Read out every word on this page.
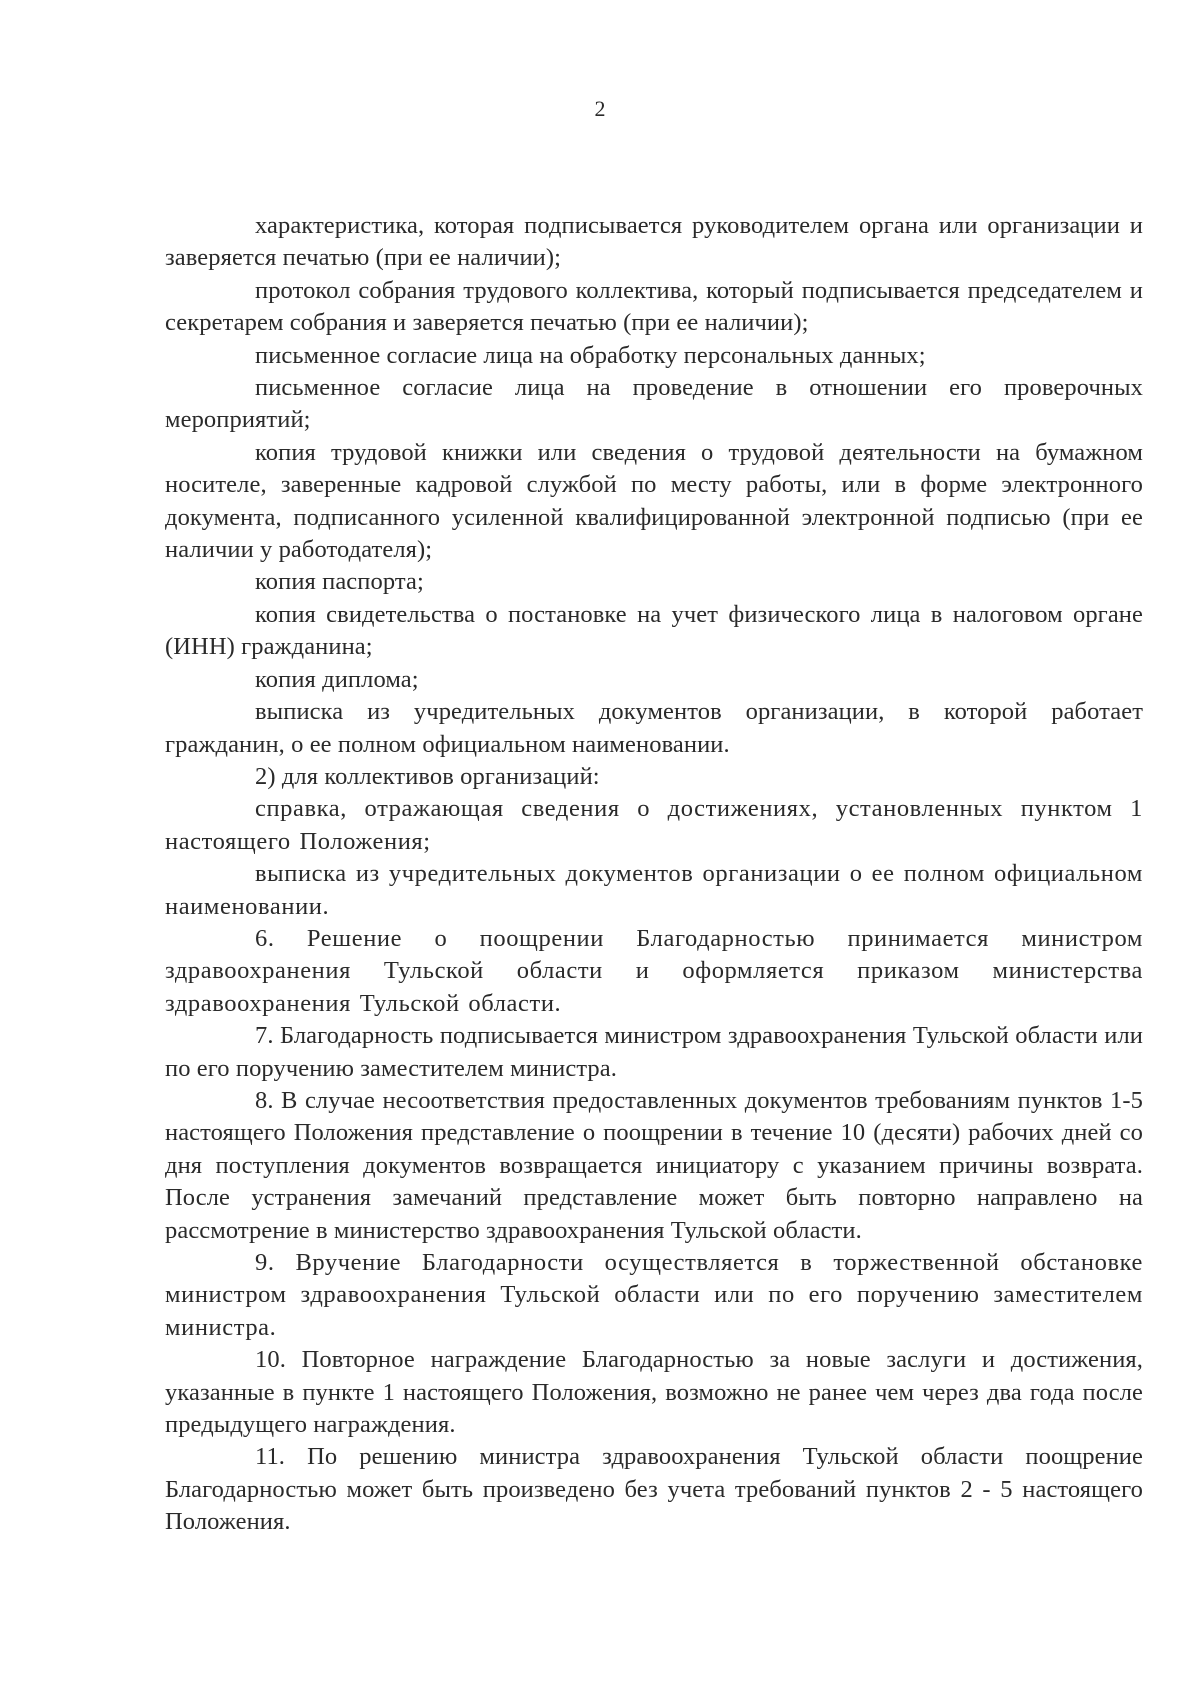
2

характеристика, которая подписывается руководителем органа или организации и заверяется печатью (при ее наличии);

протокол собрания трудового коллектива, который подписывается председателем и секретарем собрания и заверяется печатью (при ее наличии);

письменное согласие лица на обработку персональных данных;

письменное согласие лица на проведение в отношении его проверочных мероприятий;

копия трудовой книжки или сведения о трудовой деятельности на бумажном носителе, заверенные кадровой службой по месту работы, или в форме электронного документа, подписанного усиленной квалифицированной электронной подписью (при ее наличии у работодателя);

копия паспорта;

копия свидетельства о постановке на учет физического лица в налоговом органе (ИНН) гражданина;

копия диплома;

выписка из учредительных документов организации, в которой работает гражданин, о ее полном официальном наименовании.

2) для коллективов организаций:

справка, отражающая сведения о достижениях, установленных пунктом 1 настоящего Положения;

выписка из учредительных документов организации о ее полном официальном наименовании.

6. Решение о поощрении Благодарностью принимается министром здравоохранения Тульской области и оформляется приказом министерства здравоохранения Тульской области.

7. Благодарность подписывается министром здравоохранения Тульской области или по его поручению заместителем министра.

8. В случае несоответствия предоставленных документов требованиям пунктов 1-5 настоящего Положения представление о поощрении в течение 10 (десяти) рабочих дней со дня поступления документов возвращается инициатору с указанием причины возврата. После устранения замечаний представление может быть повторно направлено на рассмотрение в министерство здравоохранения Тульской области.

9. Вручение Благодарности осуществляется в торжественной обстановке министром здравоохранения Тульской области или по его поручению заместителем министра.

10. Повторное награждение Благодарностью за новые заслуги и достижения, указанные в пункте 1 настоящего Положения, возможно не ранее чем через два года после предыдущего награждения.

11. По решению министра здравоохранения Тульской области поощрение Благодарностью может быть произведено без учета требований пунктов 2 - 5 настоящего Положения.
